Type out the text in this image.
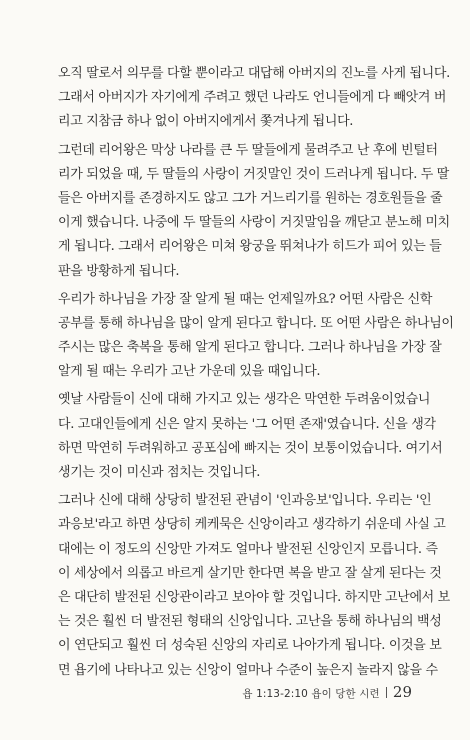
오직 딸로서 의무를 다할 뿐이라고 대답해 아버지의 진노를 사게 됩니다.
그래서 아버지가 자기에게 주려고 했던 나라도 언니들에게 다 빼앗겨 버
리고 지참금 하나 없이 아버지에게서 쫓겨나게 됩니다.

그런데 리어왕은 막상 나라를 큰 두 딸들에게 물려주고 난 후에 빈털터
리가 되었을 때, 두 딸들의 사랑이 거짓말인 것이 드러나게 됩니다. 두 딸
들은 아버지를 존경하지도 않고 그가 거느리기를 원하는 경호원들을 줄
이게 했습니다. 나중에 두 딸들의 사랑이 거짓말임을 깨닫고 분노해 미치
게 됩니다. 그래서 리어왕은 미쳐 왕궁을 뛰쳐나가 히드가 피어 있는 들
판을 방황하게 됩니다.

우리가 하나님을 가장 잘 알게 될 때는 언제일까요? 어떤 사람은 신학
공부를 통해 하나님을 많이 알게 된다고 합니다. 또 어떤 사람은 하나님이
주시는 많은 축복을 통해 알게 된다고 합니다. 그러나 하나님을 가장 잘
알게 될 때는 우리가 고난 가운데 있을 때입니다.

옛날 사람들이 신에 대해 가지고 있는 생각은 막연한 두려움이었습니
다. 고대인들에게 신은 알지 못하는 '그 어떤 존재'였습니다. 신을 생각
하면 막연히 두려워하고 공포심에 빠지는 것이 보통이었습니다. 여기서
생기는 것이 미신과 점치는 것입니다.

그러나 신에 대해 상당히 발전된 관념이 '인과응보'입니다. 우리는 '인
과응보'라고 하면 상당히 케케묵은 신앙이라고 생각하기 쉬운데 사실 고
대에는 이 정도의 신앙만 가져도 얼마나 발전된 신앙인지 모릅니다. 즉
이 세상에서 의롭고 바르게 살기만 한다면 복을 받고 잘 살게 된다는 것
은 대단히 발전된 신앙관이라고 보아야 할 것입니다. 하지만 고난에서 보
는 것은 훨씬 더 발전된 형태의 신앙입니다. 고난을 통해 하나님의 백성
이 연단되고 훨씬 더 성숙된 신앙의 자리로 나아가게 됩니다. 이것을 보
면 욥기에 나타나고 있는 신앙이 얼마나 수준이 높은지 놀라지 않을 수

욥 1:13-2:10 욥이 당한 시련 29
